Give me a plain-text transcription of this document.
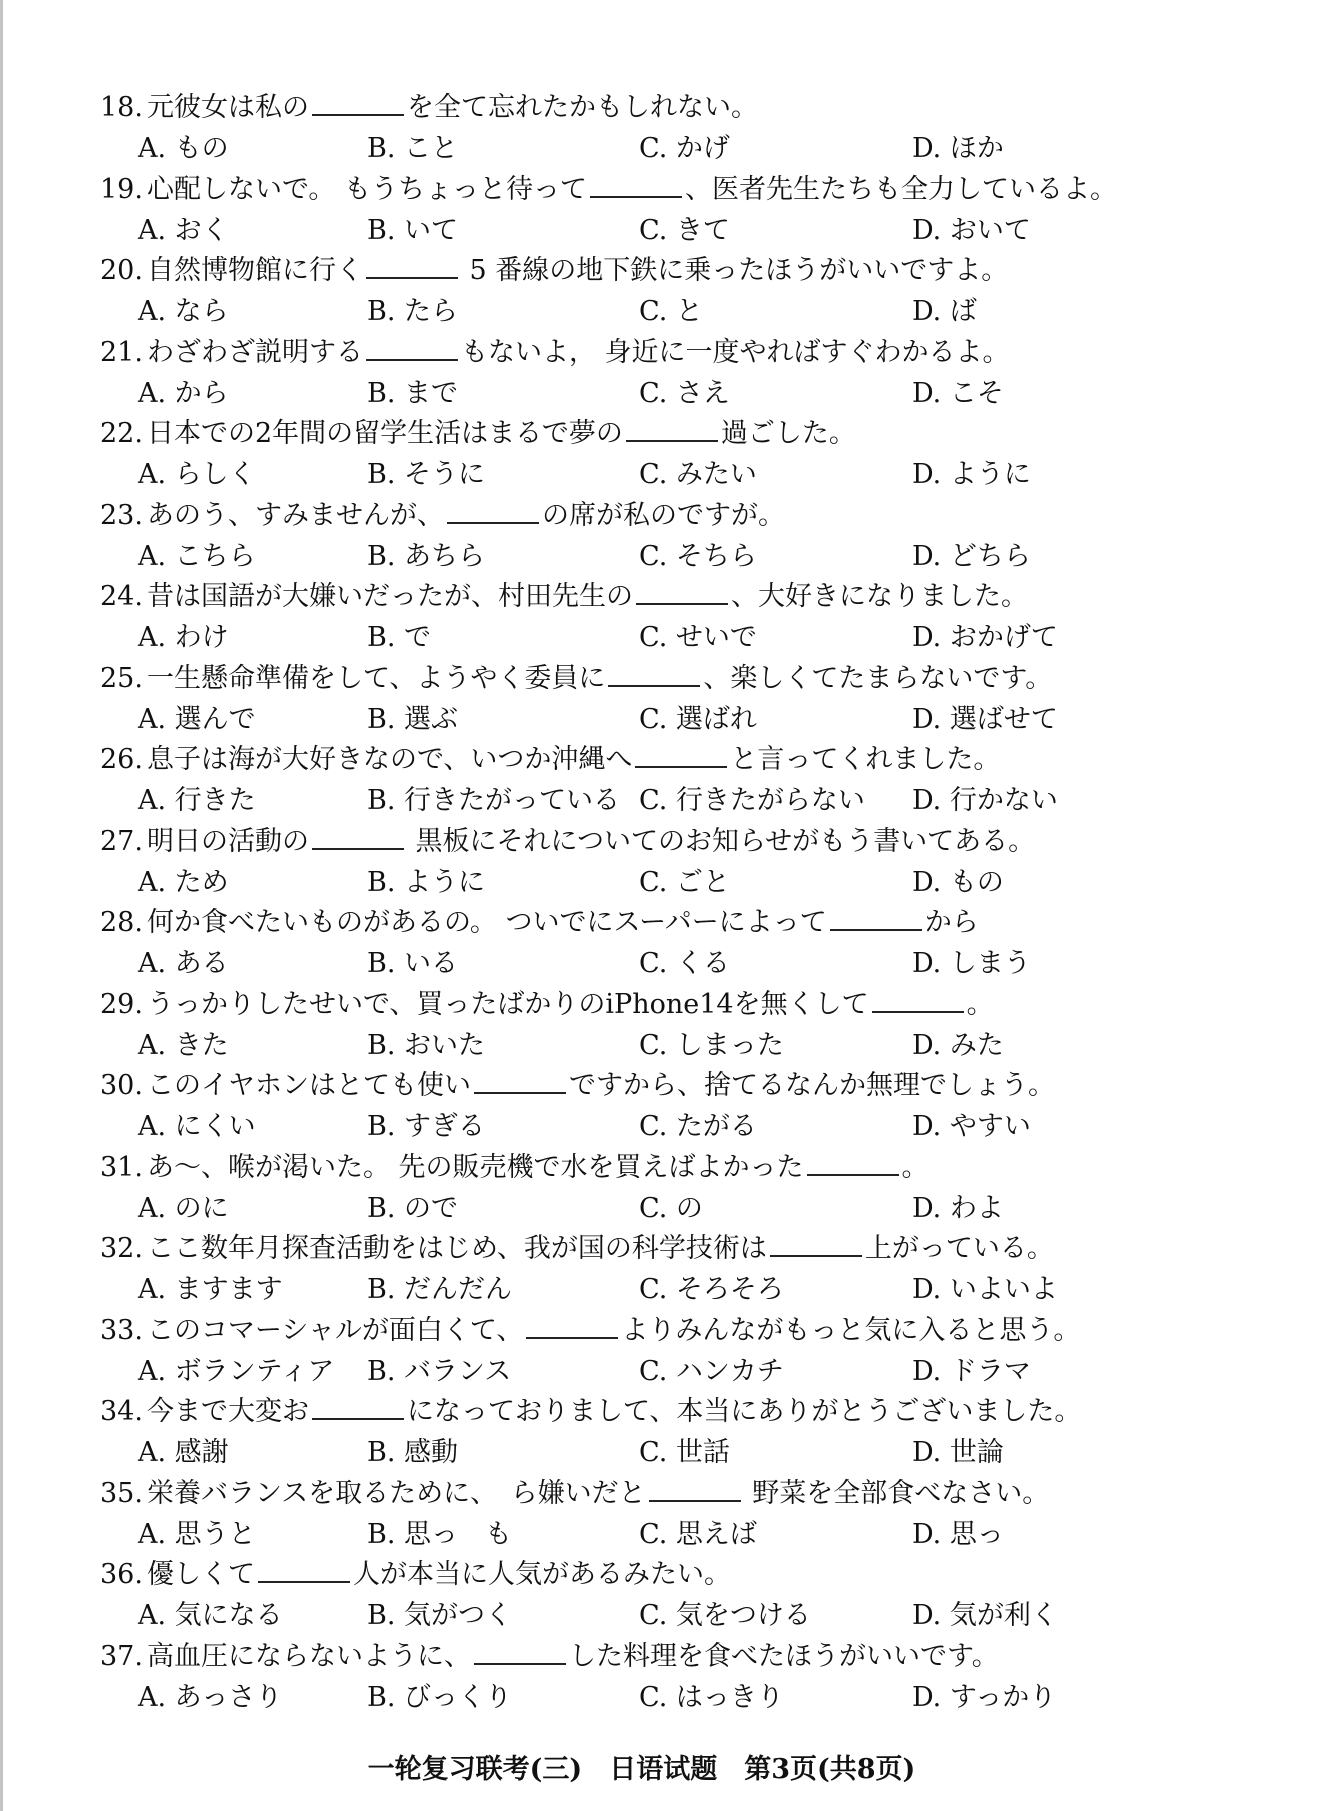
18. 元彼女は私の	を全て忘れたかもしれない。
A. もの	B. こと	C. かげ	D. ほか
19. 心配しないで。 もうちょっと待って	、医者先生たちも全力しているよ。
A. おく	B. いて	C. きて	D. おいて
20. 自然博物館に行く	5 番線の地下鉄に乗ったほうがいいですよ。
A. なら	B. たら	C. と	D. ば
21. わざわざ説明する	もないよ， 身近に一度やればすぐわかるよ。
A. から	B. まで	C. さえ	D. こそ
22. 日本での2年間の留学生活はまるで夢の	過ごした。
A. らしく	B. そうに	C. みたい	D. ように
23. あのう、すみませんが、	の席が私のですが。
A. こちら	B. あちら	C. そちら	D. どちら
24. 昔は国語が大嫌いだったが、村田先生の	、大好きになりました。
A. わけ	B. で	C. せいで	D. おかげて
25. 一生懸命準備をして、ようやく委員に	、楽しくてたまらないです。
A. 選んで	B. 選ぶ	C. 選ばれ	D. 選ばせて
26. 息子は海が大好きなので、いつか沖縄へ	と言ってくれました。
A. 行きた	B. 行きたがっている C. 行きたがらない D. 行かない
27. 明日の活動の	黒板にそれについてのお知らせがもう書いてある。
A. ため	B. ように	C. ごと	D. もの
28. 何か食べたいものがあるの。 ついでにスーパーによって	から
A. ある	B. いる	C. くる	D. しまう
29. うっかりしたせいで、買ったばかりのiPhone14を無くして	。
A. きた	B. おいた	C. しまった	D. みた
30. このイヤホンはとても使い	ですから、捨てるなんか無理でしょう。
A. にくい	B. すぎる	C. たがる	D. やすい
31. あ〜、喉が渇いた。 先の販売機で水を買えばよかった	。
A. のに	B. ので	C. の	D. わよ
32. ここ数年月探査活動をはじめ、我が国の科学技術は	上がっている。
A. ますます	B. だんだん	C. そろそろ	D. いよいよ
33. このコマーシャルが面白くて、	よりみんながもっと気に入ると思う。
A. ボランティア B. バランス	C. ハンカチ	D. ドラマ
34. 今まで大変お	になっておりまして、本当にありがとうございました。
A. 感謝	B. 感動	C. 世話	D. 世論
35. 栄養バランスを取るために、　ら嫌いだと	野菜を全部食べなさい。
A. 思うと	B. 思っ　も	C. 思えば	D. 思っ
36. 優しくて	人が本当に人気があるみたい。
A. 気になる	B. 気がつく	C. 気をつける	D. 気が利く
37. 高血圧にならないように、	した料理を食べたほうがいいです。
A. あっさり	B. びっくり	C. はっきり	D. すっかり
一轮复习联考(三)　日语试题　第3页(共8页)
